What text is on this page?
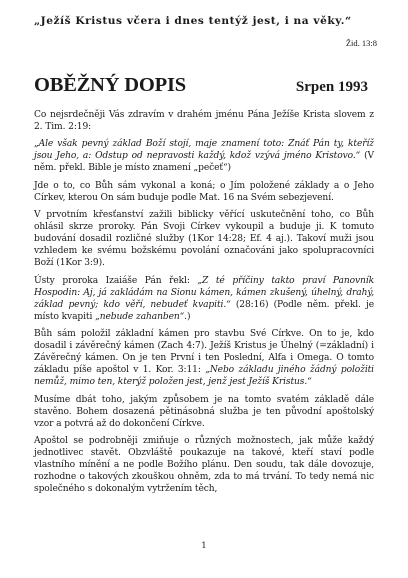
„Ježíš Kristus včera i dnes tentýž jest, i na věky.“
Žid. 13:8
OBĚŽNÝ DOPIS	Srpen 1993

Co nejsrdečněji Vás zdravím v drahém jménu Pána Ježíše Krista slovem z 2. Tim. 2:19:

„Ale však pevný základ Boží stojí, maje znamení toto: Znáť Pán ty, kteříž jsou Jeho, a: Odstup od nepravosti každý, kdož vzývá jméno Kristovo.“ (V něm. překl. Bible je místo znamení „pečeť“)

Jde o to, co Bůh sám vykonal a koná; o Jím položené základy a o Jeho Církev, kterou On sám buduje podle Mat. 16 na Svém sebezjevení.

V prvotním křesťanství zažili biblicky věřící uskutečnění toho, co Bůh ohlásil skrze proroky. Pán Svoji Církev vykoupil a buduje ji. K tomuto budování dosadil rozličné služby (1Kor 14:28; Ef. 4 aj.). Takoví muži jsou vzhledem ke svému božskému povolání označováni jako spolupracovníci Boží (1Kor 3:9).

Ústy proroka Izaiáše Pán řekl: „Z té příčiny takto praví Panovník Hospodin: Aj, já zakládám na Sionu kámen, kámen zkušený, úhelný, drahý, základ pevný; kdo věří, nebudeť kvapiti.“ (28:16) (Podle něm. překl. je místo kvapiti „nebude zahanben“.)

Bůh sám položil základní kámen pro stavbu Své Církve. On to je, kdo dosadil i závěrečný kámen (Zach 4:7). Ježíš Kristus je Úhelný (=základní) i Závěrečný kámen. On je ten První i ten Poslední, Alfa i Omega. O tomto základu píše apoštol v 1. Kor. 3:11: „Nebo základu jiného žádný položiti nemůž, mimo ten, kterýž položen jest, jenž jest Ježíš Kristus.“

Musíme dbát toho, jakým způsobem je na tomto svatém základě dále stavěno. Bohem dosazená pětinásobná služba je ten původní apoštolský vzor a potvrá až do dokončení Církve.

Apoštol se podrobněji zmiňuje o různých možnostech, jak může každý jednotlivec stavět. Obzvláště poukazuje na takové, kteří staví podle vlastního mínění a ne podle Božího plánu. Den soudu, tak dále dovozuje, rozhodne o takových zkouškou ohněm, zda to má trvání. To tedy nemá nic společného s dokonalým vytržením těch,

1
